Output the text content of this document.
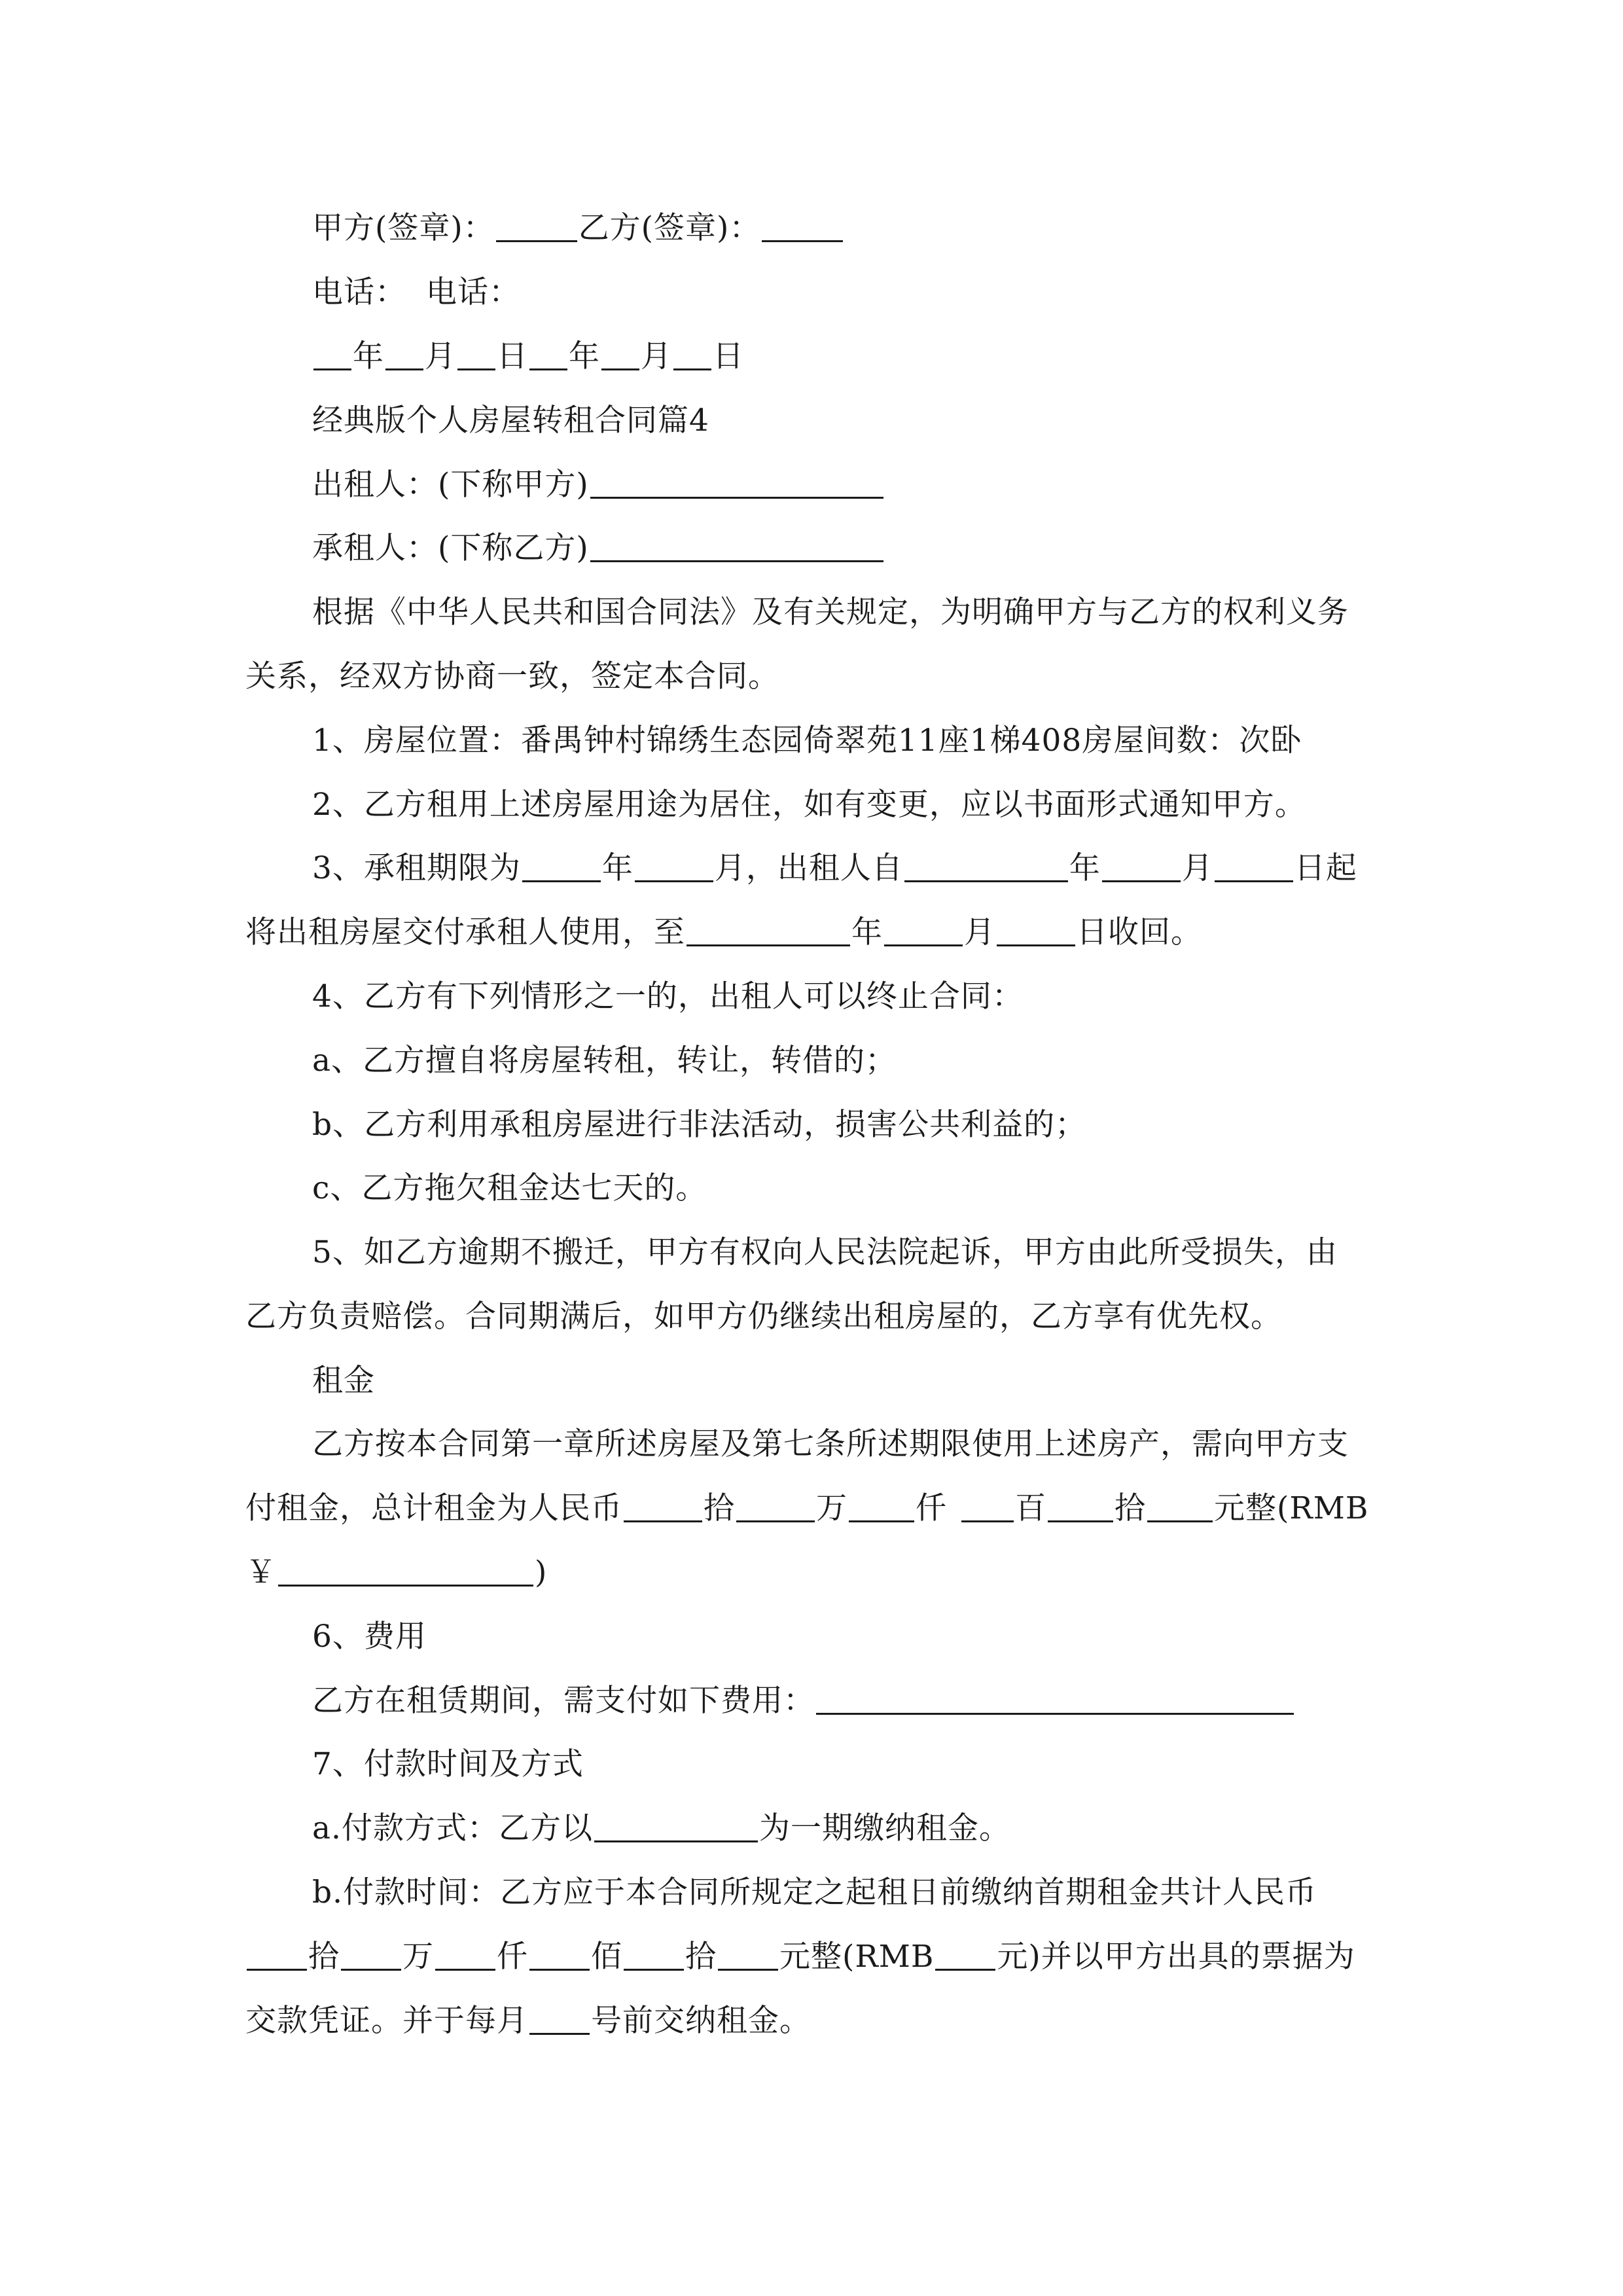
甲方(签章)：	乙方(签章)：
电话： 电话：
年 月 日 年 月 日
经典版个人房屋转租合同篇4
出租人：(下称甲方)
承租人：(下称乙方)
根据《中华人民共和国合同法》及有关规定，为明确甲方与乙方的权利义务
关系，经双方协商一致，签定本合同。
1、房屋位置：番禺钟村锦绣生态园倚翠苑11座1梯408房屋间数：次卧
2、乙方租用上述房屋用途为居住，如有变更，应以书面形式通知甲方。
3、承租期限为	年	月，出租人自	年	月	日起
将出租房屋交付承租人使用，至	年	月	日收回。
4、乙方有下列情形之一的，出租人可以终止合同：
a、乙方擅自将房屋转租，转让，转借的；
b、乙方利用承租房屋进行非法活动，损害公共利益的；
c、乙方拖欠租金达七天的。
5、如乙方逾期不搬迁，甲方有权向人民法院起诉，甲方由此所受损失，由
乙方负责赔偿。合同期满后，如甲方仍继续出租房屋的，乙方享有优先权。
租金
乙方按本合同第一章所述房屋及第七条所述期限使用上述房产，需向甲方支
付租金，总计租金为人民币	拾	万 仟 百 拾 元整(RMB
￥	)
6、费用
乙方在租赁期间，需支付如下费用：
7、付款时间及方式
a.付款方式：乙方以	为一期缴纳租金。
b.付款时间：乙方应于本合同所规定之起租日前缴纳首期租金共计人民币
拾 万 仟 佰 拾 元整(RMB 元)并以甲方出具的票据为
交款凭证。并于每月 号前交纳租金。
